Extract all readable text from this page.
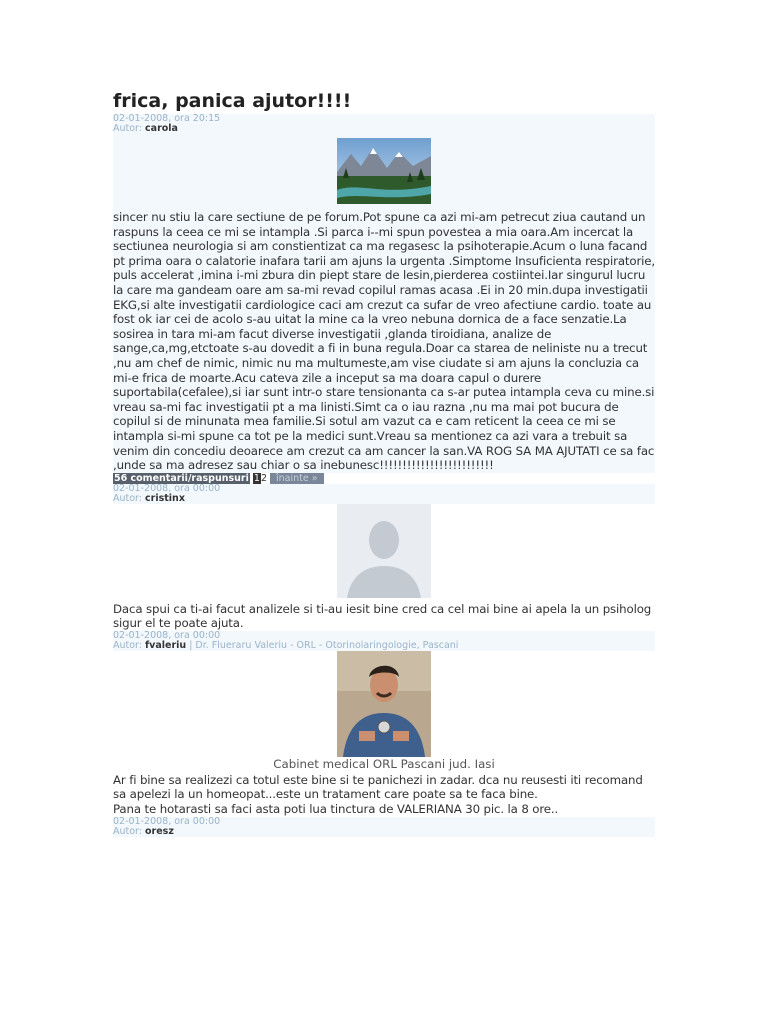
frica, panica ajutor!!!!
02-01-2008, ora 20:15
Autor: carola

sincer nu stiu la care sectiune de pe forum.Pot spune ca azi mi-am petrecut ziua cautand un raspuns la ceea ce mi se intampla .Si parca i--mi spun povestea a mia oara.Am incercat la sectiunea neurologia si am constientizat ca ma regasesc la psihoterapie.Acum o luna facand pt prima oara o calatorie inafara tarii am ajuns la urgenta .Simptome Insuficienta respiratorie, puls accelerat ,imina i-mi zbura din piept stare de lesin,pierderea costiintei.Iar singurul lucru la care ma gandeam oare am sa-mi revad copilul ramas acasa .Ei in 20 min.dupa investigatii EKG,si alte investigatii cardiologice caci am crezut ca sufar de vreo afectiune cardio. toate au fost ok iar cei de acolo s-au uitat la mine ca la vreo nebuna dornica de a face senzatie.La sosirea in tara mi-am facut diverse investigatii ,glanda tiroidiana, analize de sange,ca,mg,etctoate s-au dovedit a fi in buna regula.Doar ca starea de neliniste nu a trecut ,nu am chef de nimic, nimic nu ma multumeste,am vise ciudate si am ajuns la concluzia ca mi-e frica de moarte.Acu cateva zile a inceput sa ma doara capul o durere suportabila(cefalee),si iar sunt intr-o stare tensionanta ca s-ar putea intampla ceva cu mine.si vreau sa-mi fac investigatii pt a ma linisti.Simt ca o iau razna ,nu ma mai pot bucura de copilul si de minunata mea familie.Si sotul am vazut ca e cam reticent la ceea ce mi se intampla si-mi spune ca tot pe la medici sunt.Vreau sa mentionez ca azi vara a trebuit sa venim din concediu deoarece am crezut ca am cancer la san.VA ROG SA MA AJUTATI ce sa fac ,unde sa ma adresez sau chiar o sa inebunesc!!!!!!!!!!!!!!!!!!!!!!!!!

56 comentarii/raspunsuri 12 înainte »
02-01-2008, ora 00:00
Autor: cristinx

Daca spui ca ti-ai facut analizele si ti-au iesit bine cred ca cel mai bine ai apela la un psiholog sigur el te poate ajuta.

02-01-2008, ora 00:00
Autor: fvaleriu | Dr. Flueraru Valeriu - ORL - Otorinolaringologie, Pascani
Cabinet medical ORL Pascani jud. Iasi

Ar fi bine sa realizezi ca totul este bine si te panichezi in zadar. dca nu reusesti iti recomand sa apelezi la un homeopat...este un tratament care poate sa te faca bine.

Pana te hotarasti sa faci asta poti lua tinctura de VALERIANA 30 pic. la 8 ore..

02-01-2008, ora 00:00
Autor: oresz
